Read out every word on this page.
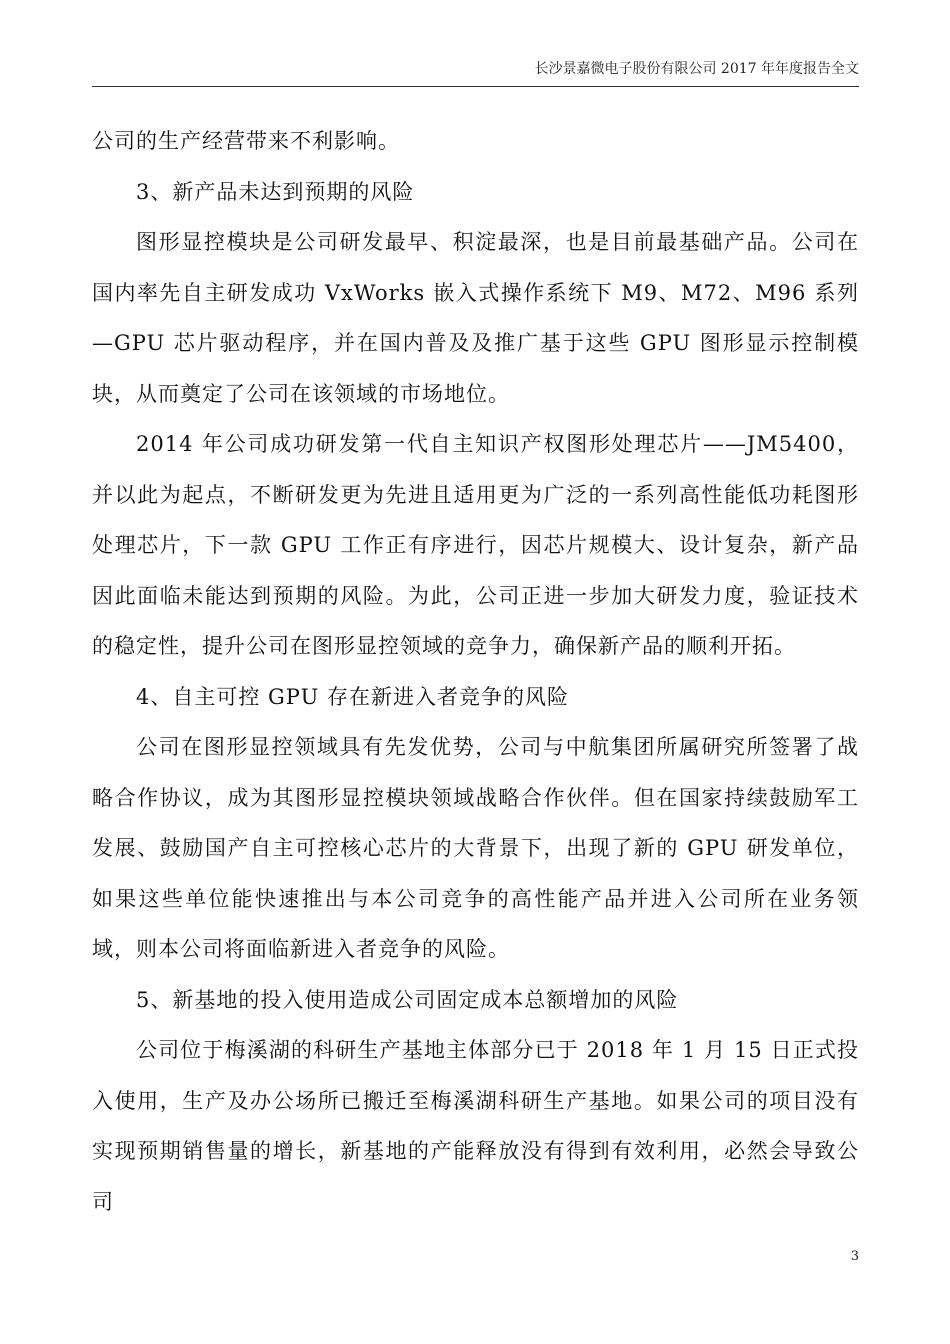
长沙景嘉微电子股份有限公司 2017 年年度报告全文

公司的生产经营带来不利影响。

3、新产品未达到预期的风险

图形显控模块是公司研发最早、积淀最深，也是目前最基础产品。公司在国内率先自主研发成功 VxWorks 嵌入式操作系统下 M9、M72、M96 系列—GPU 芯片驱动程序，并在国内普及及推广基于这些 GPU 图形显示控制模块，从而奠定了公司在该领域的市场地位。

2014 年公司成功研发第一代自主知识产权图形处理芯片——JM5400，并以此为起点，不断研发更为先进且适用更为广泛的一系列高性能低功耗图形处理芯片，下一款 GPU 工作正有序进行，因芯片规模大、设计复杂，新产品因此面临未能达到预期的风险。为此，公司正进一步加大研发力度，验证技术的稳定性，提升公司在图形显控领域的竞争力，确保新产品的顺利开拓。

4、自主可控 GPU 存在新进入者竞争的风险

公司在图形显控领域具有先发优势，公司与中航集团所属研究所签署了战略合作协议，成为其图形显控模块领域战略合作伙伴。但在国家持续鼓励军工发展、鼓励国产自主可控核心芯片的大背景下，出现了新的 GPU 研发单位，如果这些单位能快速推出与本公司竞争的高性能产品并进入公司所在业务领域，则本公司将面临新进入者竞争的风险。

5、新基地的投入使用造成公司固定成本总额增加的风险

公司位于梅溪湖的科研生产基地主体部分已于 2018 年 1 月 15 日正式投入使用，生产及办公场所已搬迁至梅溪湖科研生产基地。如果公司的项目没有实现预期销售量的增长，新基地的产能释放没有得到有效利用，必然会导致公司

3
